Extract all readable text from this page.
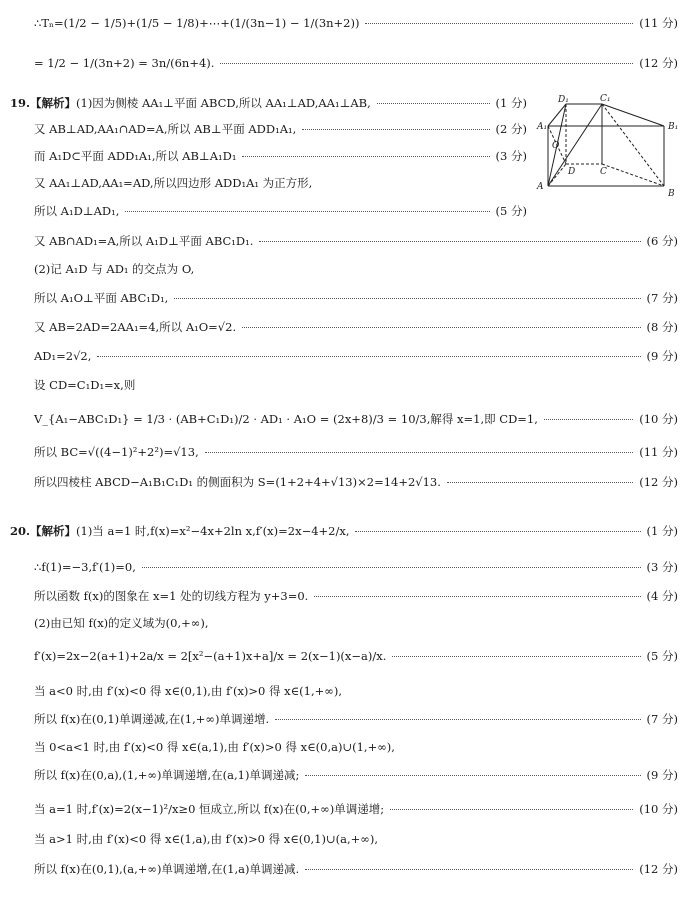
∴Tₙ=(1/2 − 1/5)+(1/5 − 1/8)+⋯+(1/(3n−1) − 1/(3n+2))	(11 分)
= 1/2 − 1/(3n+2) = 3n/(6n+4).	(12 分)
19. 【解析】 (1)因为侧棱 AA₁⊥平面 ABCD,所以 AA₁⊥AD,AA₁⊥AB,	(1 分)
又 AB⊥AD,AA₁∩AD=A,所以 AB⊥平面 ADD₁A₁,	(2 分)
而 A₁D⊂平面 ADD₁A₁,所以 AB⊥A₁D₁	(3 分)
又 AA₁⊥AD,AA₁=AD,所以四边形 ADD₁A₁ 为正方形,
所以 A₁D⊥AD₁,	(5 分)
又 AB∩AD₁=A,所以 A₁D⊥平面 ABC₁D₁.	(6 分)
(2)记 A₁D 与 AD₁ 的交点为 O,
所以 A₁O⊥平面 ABC₁D₁,	(7 分)
又 AB=2AD=2AA₁=4,所以 A₁O=√2.	(8 分)
AD₁=2√2,	(9 分)
设 CD=C₁D₁=x,则
V_{A₁−ABC₁D₁} = 1/3 · (AB+C₁D₁)/2 · AD₁ · A₁O = (2x+8)/3 = 10/3,解得 x=1,即 CD=1,	(10 分)
所以 BC=√((4−1)²+2²)=√13,	(11 分)
所以四棱柱 ABCD−A₁B₁C₁D₁ 的侧面积为 S=(1+2+4+√13)×2=14+2√13.	(12 分)
20. 【解析】 (1)当 a=1 时,f(x)=x²−4x+2ln x,f′(x)=2x−4+2/x,	(1 分)
∴f(1)=−3,f′(1)=0,	(3 分)
所以函数 f(x)的图象在 x=1 处的切线方程为 y+3=0.	(4 分)
(2)由已知 f(x)的定义域为(0,+∞),
f′(x)=2x−2(a+1)+2a/x = 2[x²−(a+1)x+a]/x = 2(x−1)(x−a)/x.	(5 分)
当 a<0 时,由 f′(x)<0 得 x∈(0,1),由 f′(x)>0 得 x∈(1,+∞),
所以 f(x)在(0,1)单调递减,在(1,+∞)单调递增.	(7 分)
当 0<a<1 时,由 f′(x)<0 得 x∈(a,1),由 f′(x)>0 得 x∈(0,a)∪(1,+∞),
所以 f(x)在(0,a),(1,+∞)单调递增,在(a,1)单调递减;	(9 分)
当 a=1 时,f′(x)=2(x−1)²/x≥0 恒成立,所以 f(x)在(0,+∞)单调递增;	(10 分)
当 a>1 时,由 f′(x)<0 得 x∈(1,a),由 f′(x)>0 得 x∈(0,1)∪(a,+∞),
所以 f(x)在(0,1),(a,+∞)单调递增,在(1,a)单调递减.	(12 分)
D₁	C₁
A₁	B₁
O
D	C
A
B
